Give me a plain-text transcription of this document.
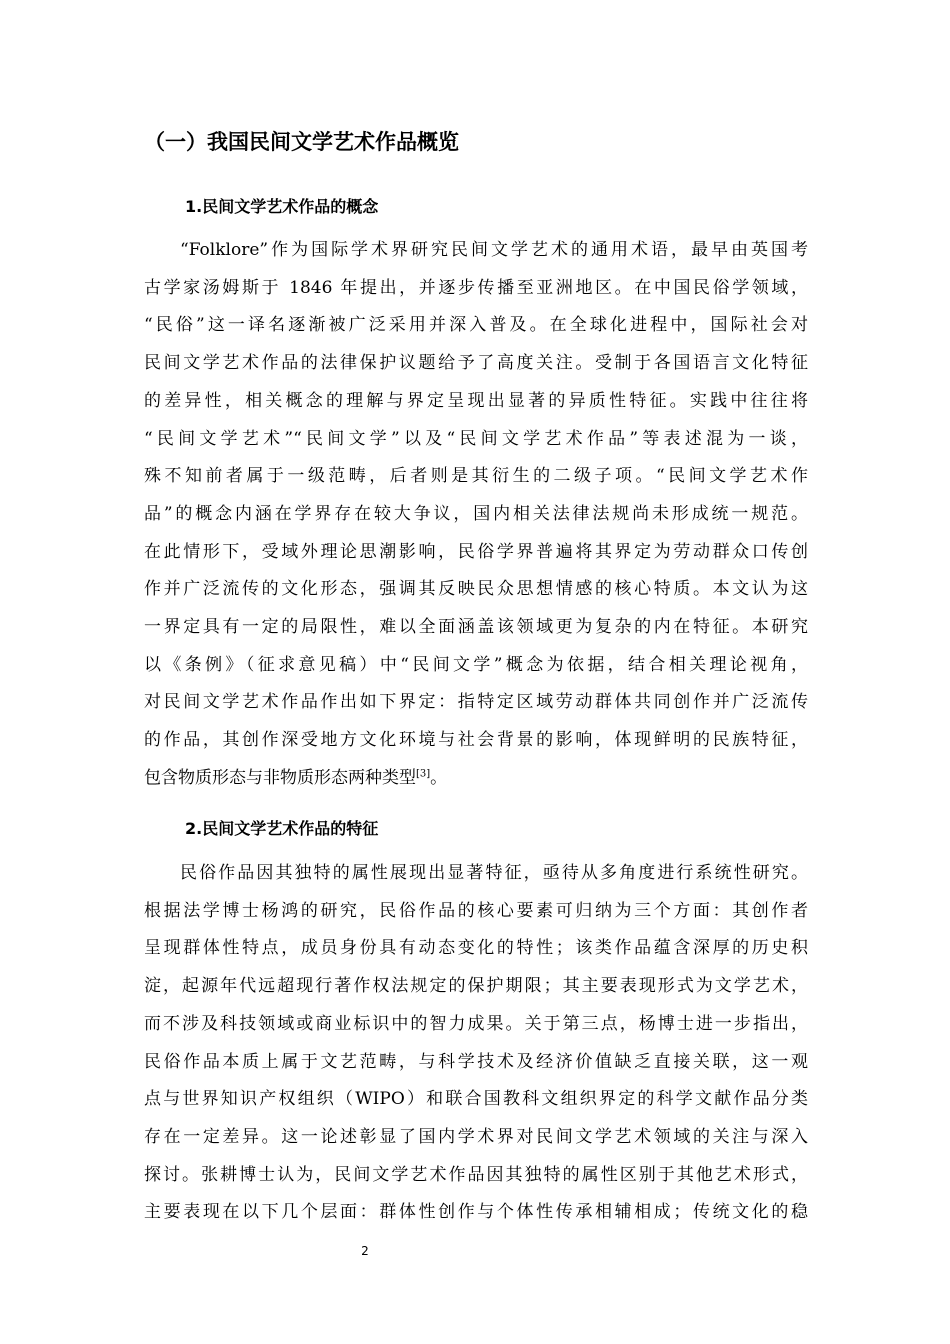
（一）我国民间文学艺术作品概览
1.民间文学艺术作品的概念
“Folklore”作为国际学术界研究民间文学艺术的通用术语，最早由英国考
古学家汤姆斯于 1846 年提出，并逐步传播至亚洲地区。在中国民俗学领域，
“民俗”这一译名逐渐被广泛采用并深入普及。在全球化进程中，国际社会对
民间文学艺术作品的法律保护议题给予了高度关注。受制于各国语言文化特征
的差异性，相关概念的理解与界定呈现出显著的异质性特征。实践中往往将
“民间文学艺术”“民间文学”以及“民间文学艺术作品”等表述混为一谈，
殊不知前者属于一级范畴，后者则是其衍生的二级子项。“民间文学艺术作
品”的概念内涵在学界存在较大争议，国内相关法律法规尚未形成统一规范。
在此情形下，受域外理论思潮影响，民俗学界普遍将其界定为劳动群众口传创
作并广泛流传的文化形态，强调其反映民众思想情感的核心特质。本文认为这
一界定具有一定的局限性，难以全面涵盖该领域更为复杂的内在特征。本研究
以《条例》（征求意见稿）中“民间文学”概念为依据，结合相关理论视角，
对民间文学艺术作品作出如下界定：指特定区域劳动群体共同创作并广泛流传
的作品，其创作深受地方文化环境与社会背景的影响，体现鲜明的民族特征，
包含物质形态与非物质形态两种类型[3]。
2.民间文学艺术作品的特征
民俗作品因其独特的属性展现出显著特征，亟待从多角度进行系统性研究。
根据法学博士杨鸿的研究，民俗作品的核心要素可归纳为三个方面：其创作者
呈现群体性特点，成员身份具有动态变化的特性；该类作品蕴含深厚的历史积
淀，起源年代远超现行著作权法规定的保护期限；其主要表现形式为文学艺术，
而不涉及科技领域或商业标识中的智力成果。关于第三点，杨博士进一步指出，
民俗作品本质上属于文艺范畴，与科学技术及经济价值缺乏直接关联，这一观
点与世界知识产权组织（WIPO）和联合国教科文组织界定的科学文献作品分类
存在一定差异。这一论述彰显了国内学术界对民间文学艺术领域的关注与深入
探讨。张耕博士认为，民间文学艺术作品因其独特的属性区别于其他艺术形式，
主要表现在以下几个层面：群体性创作与个体性传承相辅相成；传统文化的稳
2
